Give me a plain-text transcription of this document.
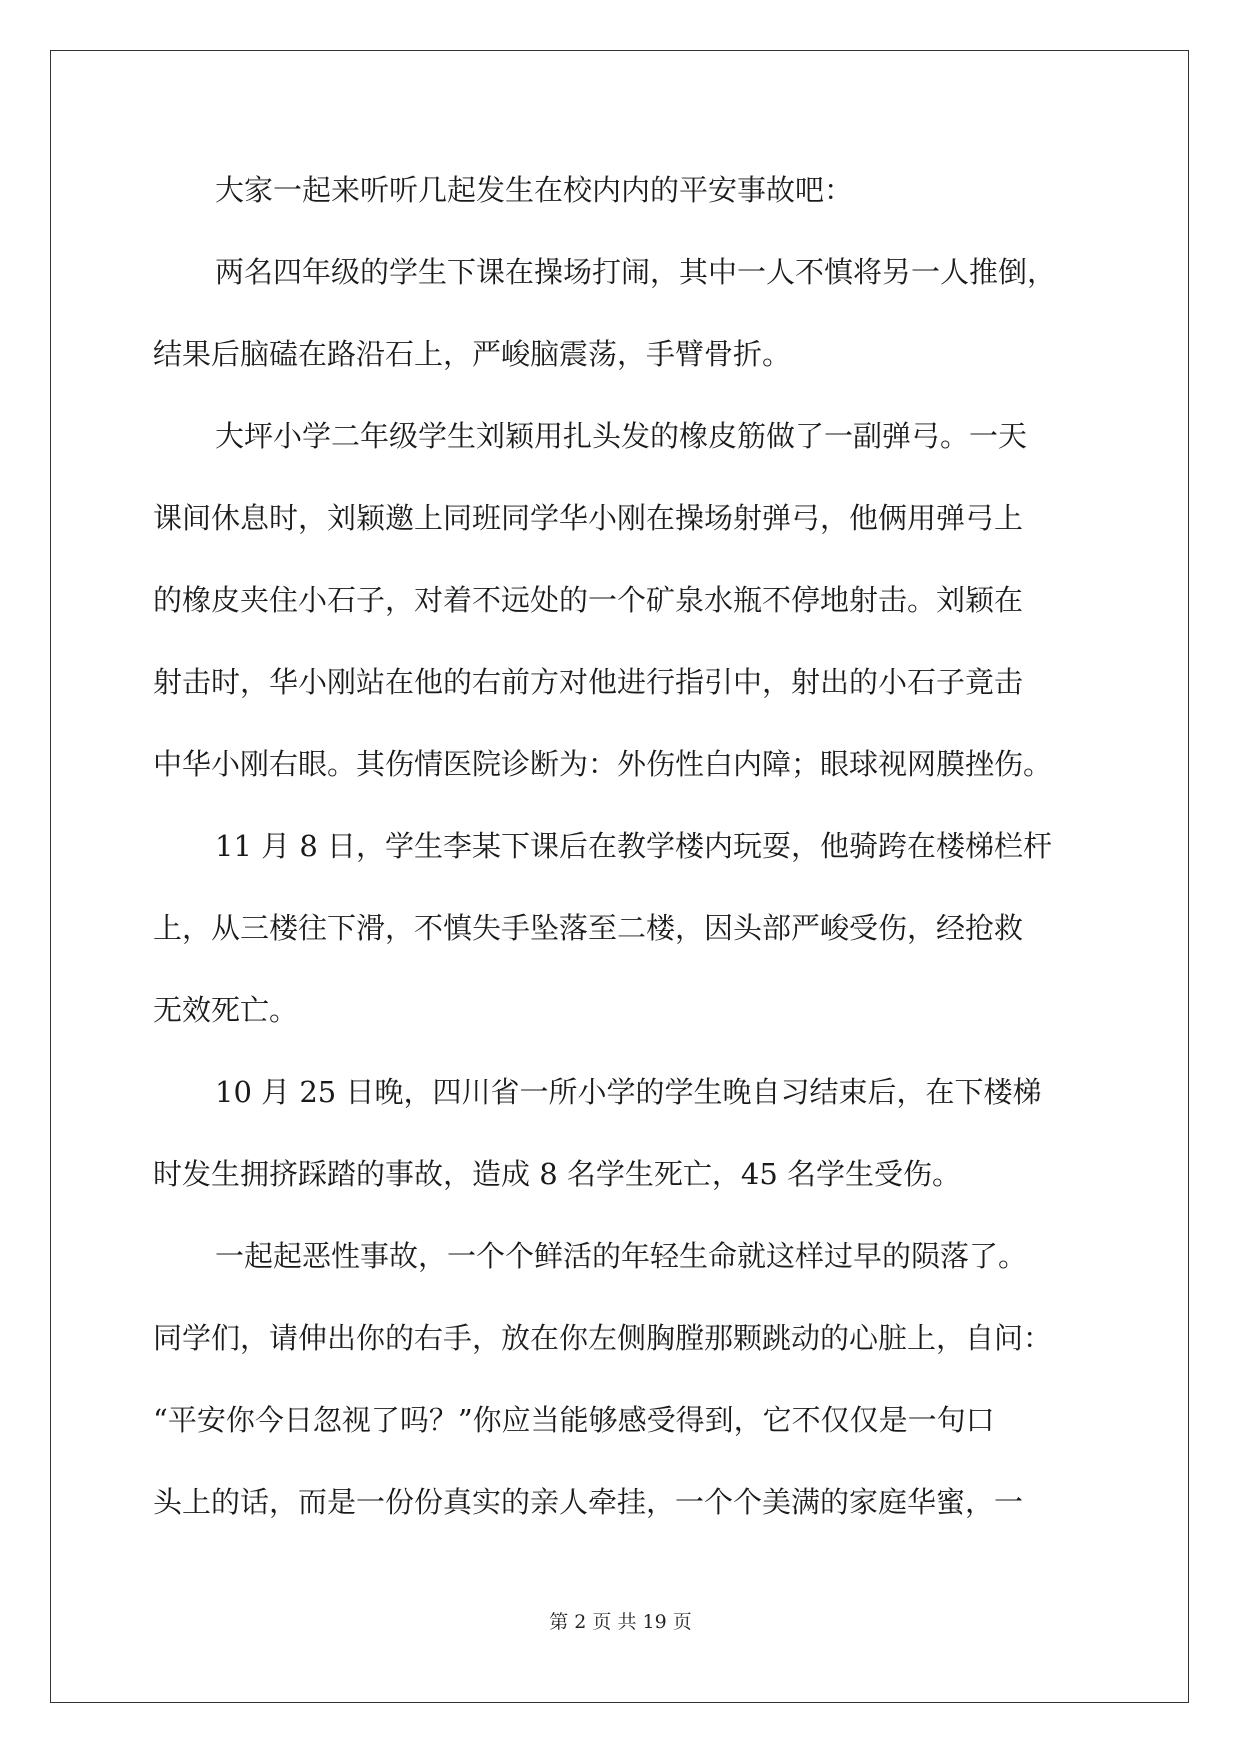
大家一起来听听几起发生在校内内的平安事故吧：
两名四年级的学生下课在操场打闹，其中一人不慎将另一人推倒，
结果后脑磕在路沿石上，严峻脑震荡，手臂骨折。
大坪小学二年级学生刘颖用扎头发的橡皮筋做了一副弹弓。一天
课间休息时，刘颖邀上同班同学华小刚在操场射弹弓，他俩用弹弓上
的橡皮夹住小石子，对着不远处的一个矿泉水瓶不停地射击。刘颖在
射击时，华小刚站在他的右前方对他进行指引中，射出的小石子竟击
中华小刚右眼。其伤情医院诊断为：外伤性白内障；眼球视网膜挫伤。
11 月 8 日，学生李某下课后在教学楼内玩耍，他骑跨在楼梯栏杆
上，从三楼往下滑，不慎失手坠落至二楼，因头部严峻受伤，经抢救
无效死亡。
10 月 25 日晚，四川省一所小学的学生晚自习结束后，在下楼梯
时发生拥挤踩踏的事故，造成 8 名学生死亡，45 名学生受伤。
一起起恶性事故，一个个鲜活的年轻生命就这样过早的陨落了。
同学们，请伸出你的右手，放在你左侧胸膛那颗跳动的心脏上，自问：
“平安你今日忽视了吗？”你应当能够感受得到，它不仅仅是一句口
头上的话，而是一份份真实的亲人牵挂，一个个美满的家庭华蜜，一
第 2 页 共 19 页
